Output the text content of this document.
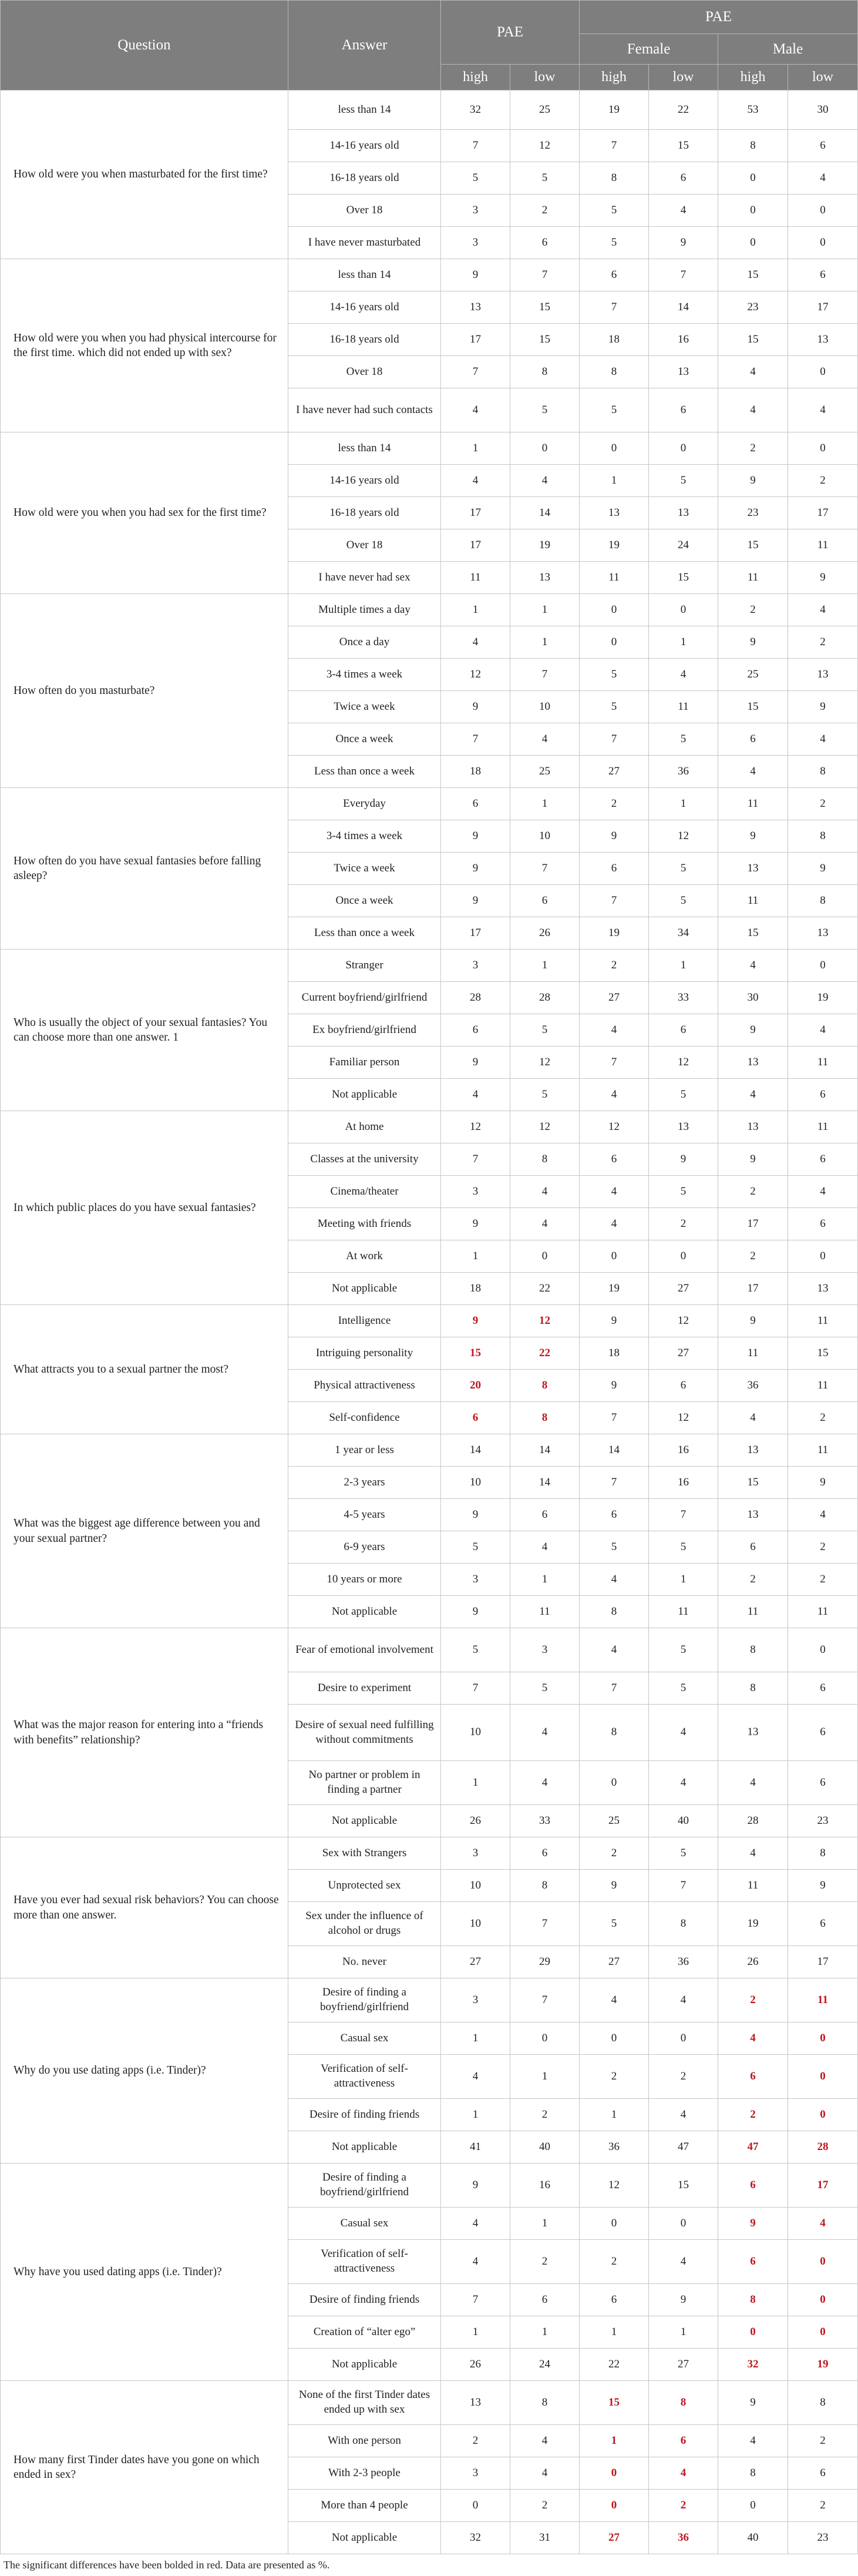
Question	Answer	PAE		PAE			
				Female		Male	
		high	low	high	low	high	low
How old were you when masturbated for the first time?	less than 14	32	25	19	22	53	30
	14-16 years old	7	12	7	15	8	6
	16-18 years old	5	5	8	6	0	4
	Over 18	3	2	5	4	0	0
	I have never masturbated	3	6	5	9	0	0
How old were you when you had physical intercourse for the first time. which did not ended up with sex?	less than 14	9	7	6	7	15	6
	14-16 years old	13	15	7	14	23	17
	16-18 years old	17	15	18	16	15	13
	Over 18	7	8	8	13	4	0
	I have never had such contacts	4	5	5	6	4	4
How old were you when you had sex for the first time?	less than 14	1	0	0	0	2	0
	14-16 years old	4	4	1	5	9	2
	16-18 years old	17	14	13	13	23	17
	Over 18	17	19	19	24	15	11
	I have never had sex	11	13	11	15	11	9
How often do you masturbate?	Multiple times a day	1	1	0	0	2	4
	Once a day	4	1	0	1	9	2
	3-4 times a week	12	7	5	4	25	13
	Twice a week	9	10	5	11	15	9
	Once a week	7	4	7	5	6	4
	Less than once a week	18	25	27	36	4	8
How often do you have sexual fantasies before falling asleep?	Everyday	6	1	2	1	11	2
	3-4 times a week	9	10	9	12	9	8
	Twice a week	9	7	6	5	13	9
	Once a week	9	6	7	5	11	8
	Less than once a week	17	26	19	34	15	13
Who is usually the object of your sexual fantasies? You can choose more than one answer. 1	Stranger	3	1	2	1	4	0
	Current boyfriend/girlfriend	28	28	27	33	30	19
	Ex boyfriend/girlfriend	6	5	4	6	9	4
	Familiar person	9	12	7	12	13	11
	Not applicable	4	5	4	5	4	6
In which public places do you have sexual fantasies?	At home	12	12	12	13	13	11
	Classes at the university	7	8	6	9	9	6
	Cinema/theater	3	4	4	5	2	4
	Meeting with friends	9	4	4	2	17	6
	At work	1	0	0	0	2	0
	Not applicable	18	22	19	27	17	13
What attracts you to a sexual partner the most?	Intelligence	9	12	9	12	9	11
	Intriguing personality	15	22	18	27	11	15
	Physical attractiveness	20	8	9	6	36	11
	Self-confidence	6	8	7	12	4	2
What was the biggest age difference between you and your sexual partner?	1 year or less	14	14	14	16	13	11
	2-3 years	10	14	7	16	15	9
	4-5 years	9	6	6	7	13	4
	6-9 years	5	4	5	5	6	2
	10 years or more	3	1	4	1	2	2
	Not applicable	9	11	8	11	11	11
What was the major reason for entering into a “friends with benefits” relationship?	Fear of emotional involvement	5	3	4	5	8	0
	Desire to experiment	7	5	7	5	8	6
	Desire of sexual need fulfilling without commitments	10	4	8	4	13	6
	No partner or problem in finding a partner	1	4	0	4	4	6
	Not applicable	26	33	25	40	28	23
Have you ever had sexual risk behaviors? You can choose more than one answer.	Sex with Strangers	3	6	2	5	4	8
	Unprotected sex	10	8	9	7	11	9
	Sex under the influence of alcohol or drugs	10	7	5	8	19	6
	No. never	27	29	27	36	26	17
Why do you use dating apps (i.e. Tinder)?	Desire of finding a boyfriend/girlfriend	3	7	4	4	2	11
	Casual sex	1	0	0	0	4	0
	Verification of self-attractiveness	4	1	2	2	6	0
	Desire of finding friends	1	2	1	4	2	0
	Not applicable	41	40	36	47	47	28
Why have you used dating apps (i.e. Tinder)?	Desire of finding a boyfriend/girlfriend	9	16	12	15	6	17
	Casual sex	4	1	0	0	9	4
	Verification of self-attractiveness	4	2	2	4	6	0
	Desire of finding friends	7	6	6	9	8	0
	Creation of “alter ego”	1	1	1	1	0	0
	Not applicable	26	24	22	27	32	19
How many first Tinder dates have you gone on which ended in sex?	None of the first Tinder dates ended up with sex	13	8	15	8	9	8
	With one person	2	4	1	6	4	2
	With 2-3 people	3	4	0	4	8	6
	More than 4 people	0	2	0	2	0	2
	Not applicable	32	31	27	36	40	23
The significant differences have been bolded in red. Data are presented as %.
